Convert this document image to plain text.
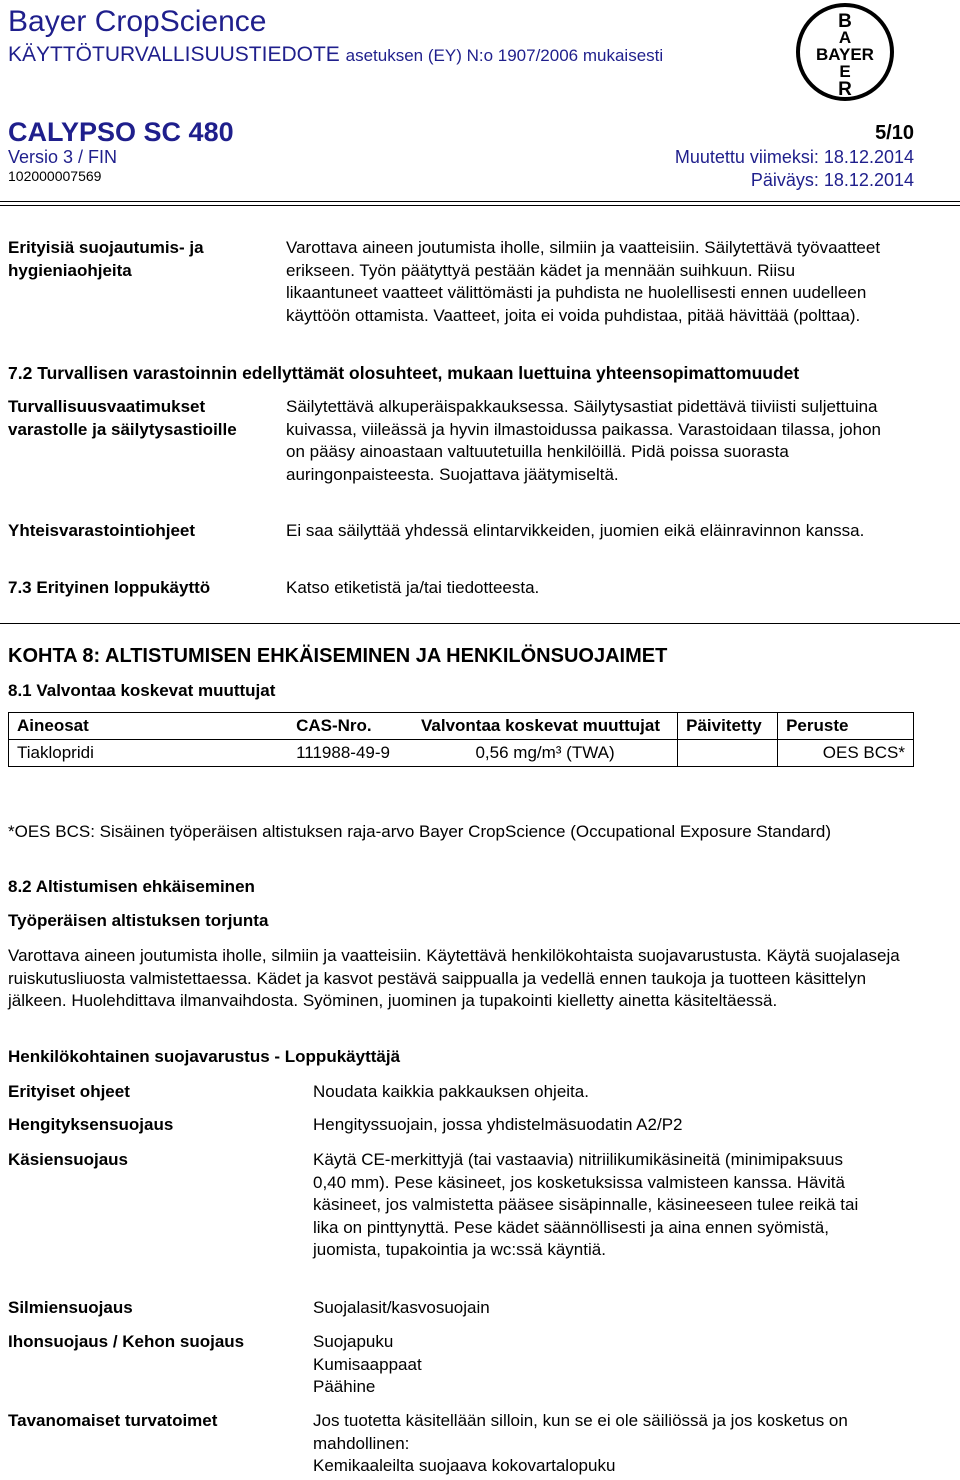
Bayer CropScience
KÄYTTÖTURVALLISUUSTIEDOTE asetuksen (EY) N:o 1907/2006 mukaisesti
B
A
BAYER
E
R
CALYPSO SC 480	5/10
Versio 3 / FIN
102000007569
Muutettu viimeksi: 18.12.2014
Päiväys: 18.12.2014
Erityisiä suojautumis- ja hygieniaohjeita
Varottava aineen joutumista iholle, silmiin ja vaatteisiin. Säilytettävä työvaatteet erikseen. Työn päätyttyä pestään kädet ja mennään suihkuun. Riisu likaantuneet vaatteet välittömästi ja puhdista ne huolellisesti ennen uudelleen käyttöön ottamista. Vaatteet, joita ei voida puhdistaa, pitää hävittää (polttaa).
7.2 Turvallisen varastoinnin edellyttämät olosuhteet, mukaan luettuina yhteensopimattomuudet
Turvallisuusvaatimukset varastolle ja säilytysastioille
Säilytettävä alkuperäispakkauksessa. Säilytysastiat pidettävä tiiviisti suljettuina kuivassa, viileässä ja hyvin ilmastoidussa paikassa. Varastoidaan tilassa, johon on pääsy ainoastaan valtuutetuilla henkilöillä. Pidä poissa suorasta auringonpaisteesta. Suojattava jäätymiseltä.
Yhteisvarastointiohjeet	Ei saa säilyttää yhdessä elintarvikkeiden, juomien eikä eläinravinnon kanssa.
7.3 Erityinen loppukäyttö	Katso etiketistä ja/tai tiedotteesta.
KOHTA 8: ALTISTUMISEN EHKÄISEMINEN JA HENKILÖNSUOJAIMET
8.1 Valvontaa koskevat muuttujat
Aineosat	CAS-Nro.	Valvontaa koskevat muuttujat	Päivitetty	Peruste
Tiaklopridi	111988-49-9	0,56 mg/m³ (TWA)		OES BCS*
*OES BCS: Sisäinen työperäisen altistuksen raja-arvo Bayer CropScience (Occupational Exposure Standard)
8.2 Altistumisen ehkäiseminen
Työperäisen altistuksen torjunta
Varottava aineen joutumista iholle, silmiin ja vaatteisiin. Käytettävä henkilökohtaista suojavarustusta. Käytä suojalaseja ruiskutusliuosta valmistettaessa. Kädet ja kasvot pestävä saippualla ja vedellä ennen taukoja ja tuotteen käsittelyn jälkeen. Huolehdittava ilmanvaihdosta. Syöminen, juominen ja tupakointi kielletty ainetta käsiteltäessä.
Henkilökohtainen suojavarustus - Loppukäyttäjä
Erityiset ohjeet	Noudata kaikkia pakkauksen ohjeita.
Hengityksensuojaus	Hengityssuojain, jossa yhdistelmäsuodatin A2/P2
Käsiensuojaus	Käytä CE-merkittyjä (tai vastaavia) nitriilikumikäsineitä (minimipaksuus 0,40 mm). Pese käsineet, jos kosketuksissa valmisteen kanssa. Hävitä käsineet, jos valmistetta pääsee sisäpinnalle, käsineeseen tulee reikä tai lika on pinttynyttä. Pese kädet säännöllisesti ja aina ennen syömistä, juomista, tupakointia ja wc:ssä käyntiä.
Silmiensuojaus	Suojalasit/kasvosuojain
Ihonsuojaus / Kehon suojaus	Suojapuku
Kumisaappaat
Päähine
Tavanomaiset turvatoimet	Jos tuotetta käsitellään silloin, kun se ei ole säiliössä ja jos kosketus on mahdollinen:
Kemikaaleilta suojaava kokovartalopuku
